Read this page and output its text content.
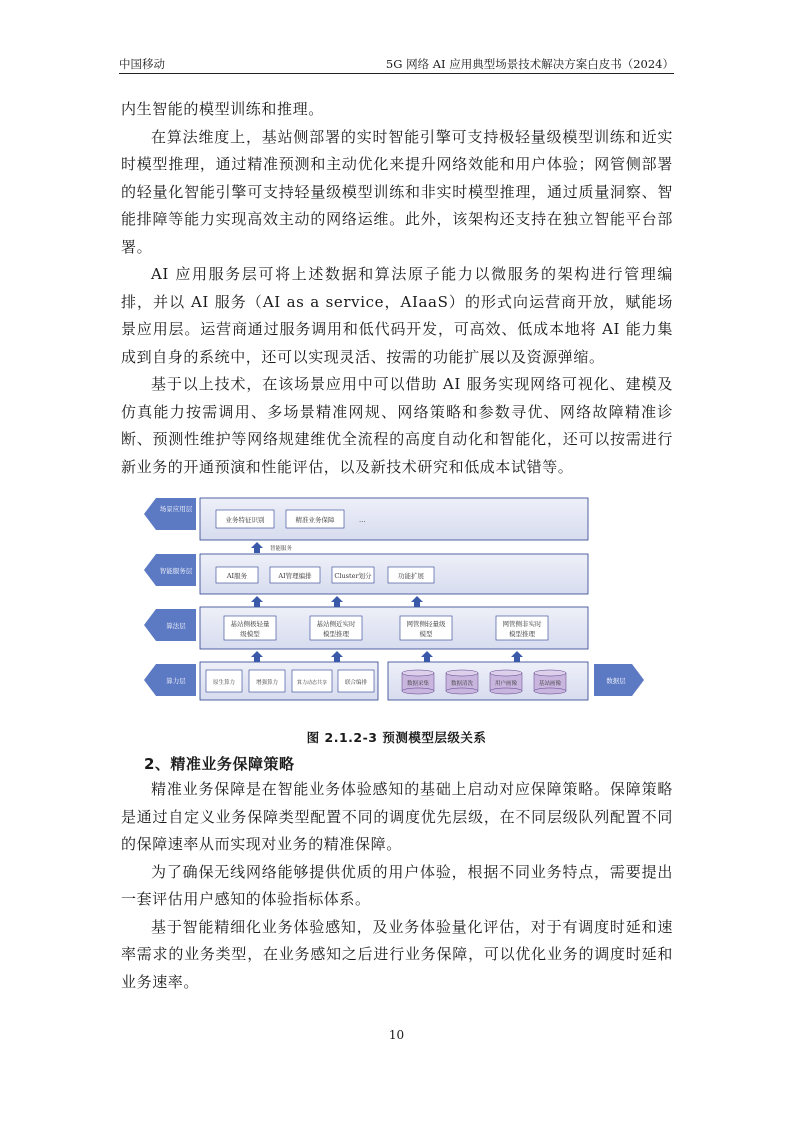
中国移动	5G 网络 AI 应用典型场景技术解决方案白皮书（2024）

内生智能的模型训练和推理。

在算法维度上，基站侧部署的实时智能引擎可支持极轻量级模型训练和近实时模型推理，通过精准预测和主动优化来提升网络效能和用户体验；网管侧部署的轻量化智能引擎可支持轻量级模型训练和非实时模型推理，通过质量洞察、智能排障等能力实现高效主动的网络运维。此外，该架构还支持在独立智能平台部署。

AI 应用服务层可将上述数据和算法原子能力以微服务的架构进行管理编排，并以 AI 服务（AI as a service，AIaaS）的形式向运营商开放，赋能场景应用层。运营商通过服务调用和低代码开发，可高效、低成本地将 AI 能力集成到自身的系统中，还可以实现灵活、按需的功能扩展以及资源弹缩。

基于以上技术，在该场景应用中可以借助 AI 服务实现网络可视化、建模及仿真能力按需调用、多场景精准网规、网络策略和参数寻优、网络故障精准诊断、预测性维护等网络规建维优全流程的高度自动化和智能化，还可以按需进行新业务的开通预演和性能评估，以及新技术研究和低成本试错等。

场景应用层
智能服务层
算法层
算力层	数据层
业务特征识别	精准业务保障	…
智能服务
AI服务	AI管理编排	Cluster划分	功能扩展
基站侧极轻量
级模型
基站侧近实时
模型推理
网管侧轻量级
模型
网管侧非实时
模型推理
原生算力	增强算力	算力动态共享	联合编排	数据采集	数据清洗	用户画像	基站画像
图 2.1.2-3 预测模型层级关系
2、精准业务保障策略

精准业务保障是在智能业务体验感知的基础上启动对应保障策略。保障策略是通过自定义业务保障类型配置不同的调度优先层级，在不同层级队列配置不同的保障速率从而实现对业务的精准保障。

为了确保无线网络能够提供优质的用户体验，根据不同业务特点，需要提出一套评估用户感知的体验指标体系。

基于智能精细化业务体验感知，及业务体验量化评估，对于有调度时延和速率需求的业务类型，在业务感知之后进行业务保障，可以优化业务的调度时延和业务速率。

10
